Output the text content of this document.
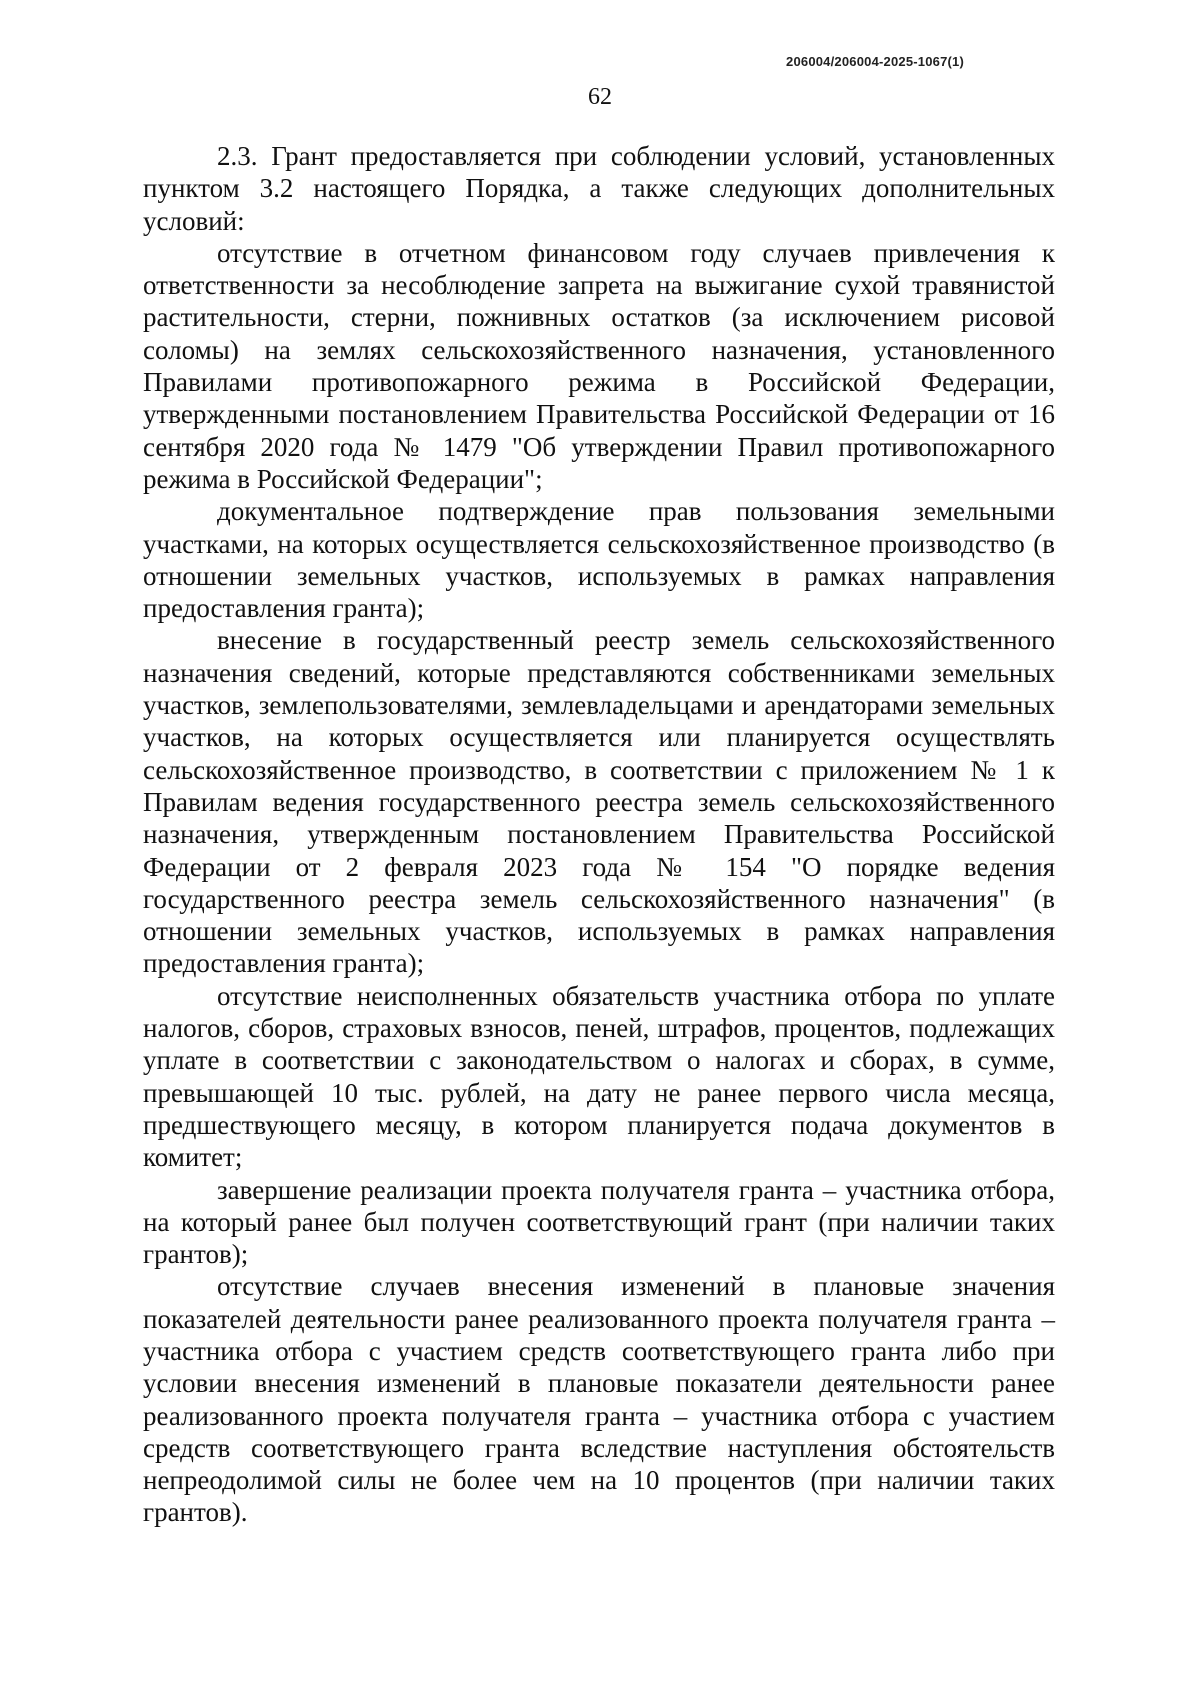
206004/206004-2025-1067(1)
62

2.3. Грант предоставляется при соблюдении условий, установленных пунктом 3.2 настоящего Порядка, а также следующих дополнительных условий:

отсутствие в отчетном финансовом году случаев привлечения к ответственности за несоблюдение запрета на выжигание сухой травянистой растительности, стерни, пожнивных остатков (за исключением рисовой соломы) на землях сельскохозяйственного назначения, установленного Правилами противопожарного режима в Российской Федерации, утвержденными постановлением Правительства Российской Федерации от 16 сентября 2020 года № 1479 "Об утверждении Правил противопожарного режима в Российской Федерации";

документальное подтверждение прав пользования земельными участками, на которых осуществляется сельскохозяйственное производство (в отношении земельных участков, используемых в рамках направления предоставления гранта);

внесение в государственный реестр земель сельскохозяйственного назначения сведений, которые представляются собственниками земельных участков, землепользователями, землевладельцами и арендаторами земельных участков, на которых осуществляется или планируется осуществлять сельскохозяйственное производство, в соответствии с приложением № 1 к Правилам ведения государственного реестра земель сельскохозяйственного назначения, утвержденным постановлением Правительства Российской Федерации от 2 февраля 2023 года № 154 "О порядке ведения государственного реестра земель сельскохозяйственного назначения" (в отношении земельных участков, используемых в рамках направления предоставления гранта);

отсутствие неисполненных обязательств участника отбора по уплате налогов, сборов, страховых взносов, пеней, штрафов, процентов, подлежащих уплате в соответствии с законодательством о налогах и сборах, в сумме, превышающей 10 тыс. рублей, на дату не ранее первого числа месяца, предшествующего месяцу, в котором планируется подача документов в комитет;

завершение реализации проекта получателя гранта – участника отбора, на который ранее был получен соответствующий грант (при наличии таких грантов);

отсутствие случаев внесения изменений в плановые значения показателей деятельности ранее реализованного проекта получателя гранта – участника отбора с участием средств соответствующего гранта либо при условии внесения изменений в плановые показатели деятельности ранее реализованного проекта получателя гранта – участника отбора с участием средств соответствующего гранта вследствие наступления обстоятельств непреодолимой силы не более чем на 10 процентов (при наличии таких грантов).
